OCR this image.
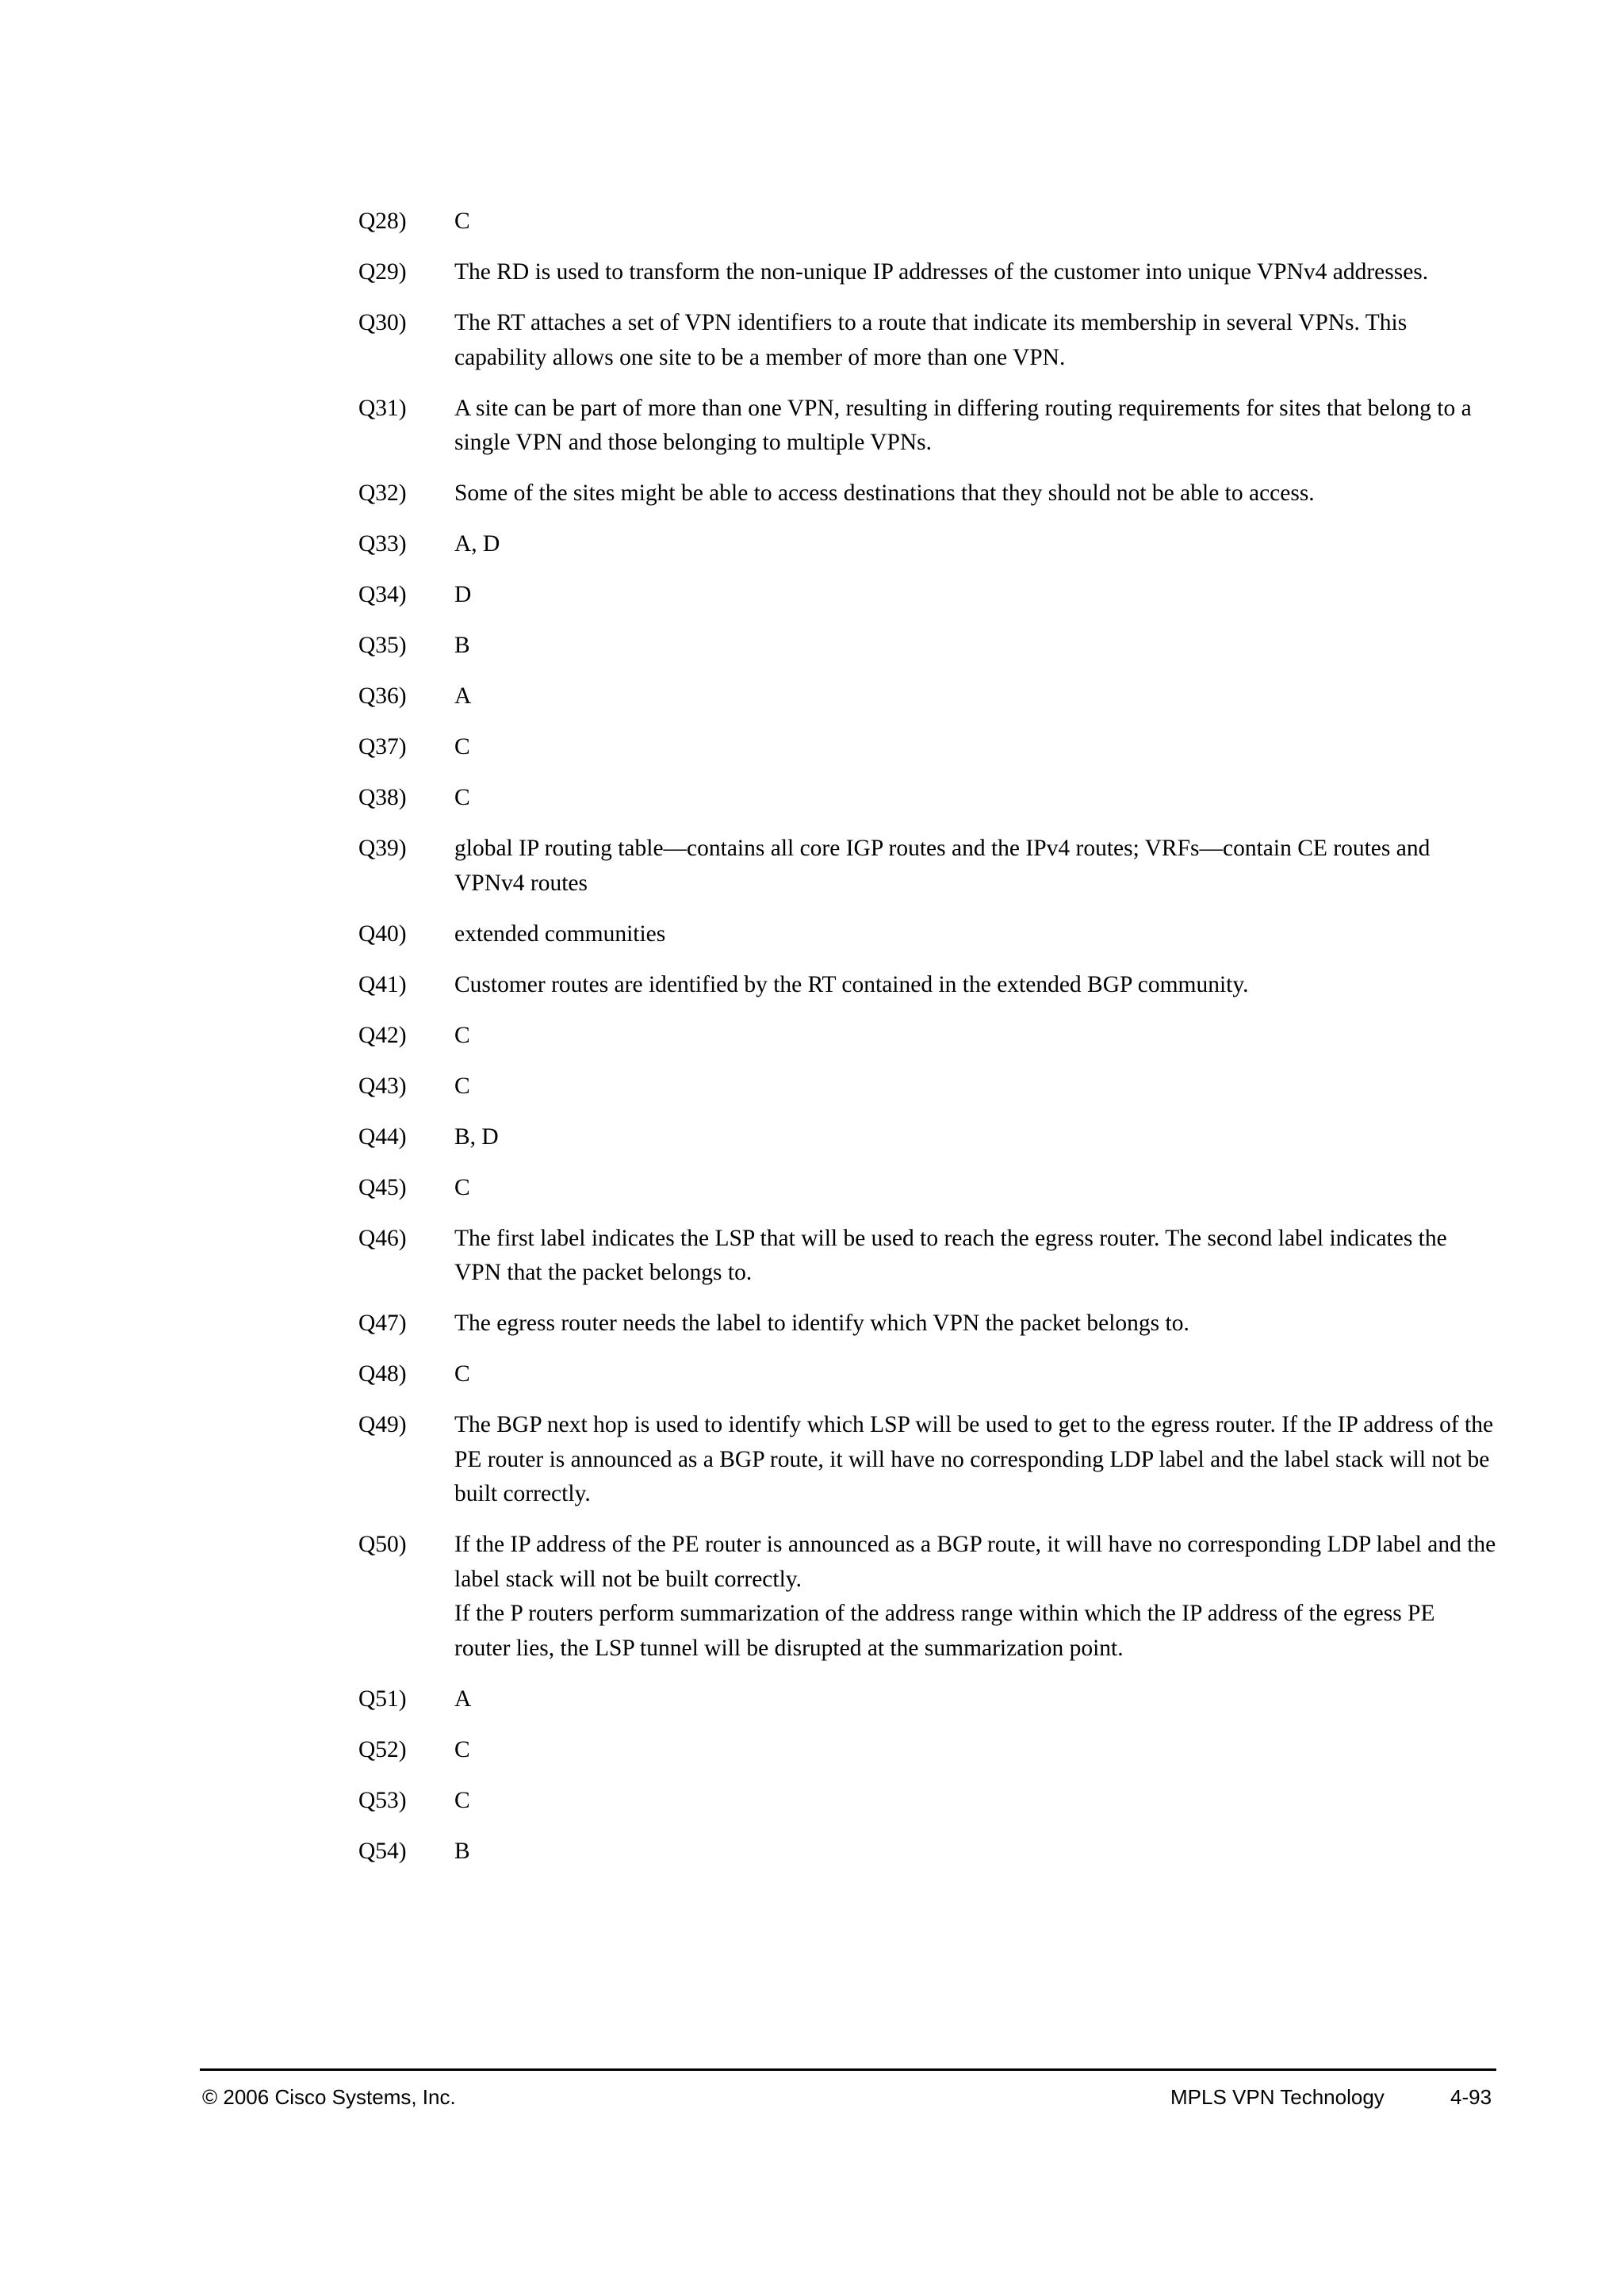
Q28)	C
Q29)	The RD is used to transform the non-unique IP addresses of the customer into unique VPNv4 addresses.
Q30)	The RT attaches a set of VPN identifiers to a route that indicate its membership in several VPNs. This capability allows one site to be a member of more than one VPN.
Q31)	A site can be part of more than one VPN, resulting in differing routing requirements for sites that belong to a single VPN and those belonging to multiple VPNs.
Q32)	Some of the sites might be able to access destinations that they should not be able to access.
Q33)	A, D
Q34)	D
Q35)	B
Q36)	A
Q37)	C
Q38)	C
Q39)	global IP routing table—contains all core IGP routes and the IPv4 routes; VRFs—contain CE routes and VPNv4 routes
Q40)	extended communities
Q41)	Customer routes are identified by the RT contained in the extended BGP community.
Q42)	C
Q43)	C
Q44)	B, D
Q45)	C
Q46)	The first label indicates the LSP that will be used to reach the egress router. The second label indicates the VPN that the packet belongs to.
Q47)	The egress router needs the label to identify which VPN the packet belongs to.
Q48)	C
Q49)	The BGP next hop is used to identify which LSP will be used to get to the egress router. If the IP address of the PE router is announced as a BGP route, it will have no corresponding LDP label and the label stack will not be built correctly.
Q50)	If the IP address of the PE router is announced as a BGP route, it will have no corresponding LDP label and the label stack will not be built correctly.
If the P routers perform summarization of the address range within which the IP address of the egress PE router lies, the LSP tunnel will be disrupted at the summarization point.
Q51)	A
Q52)	C
Q53)	C
Q54)	B
© 2006 Cisco Systems, Inc.	MPLS VPN Technology	4-93
